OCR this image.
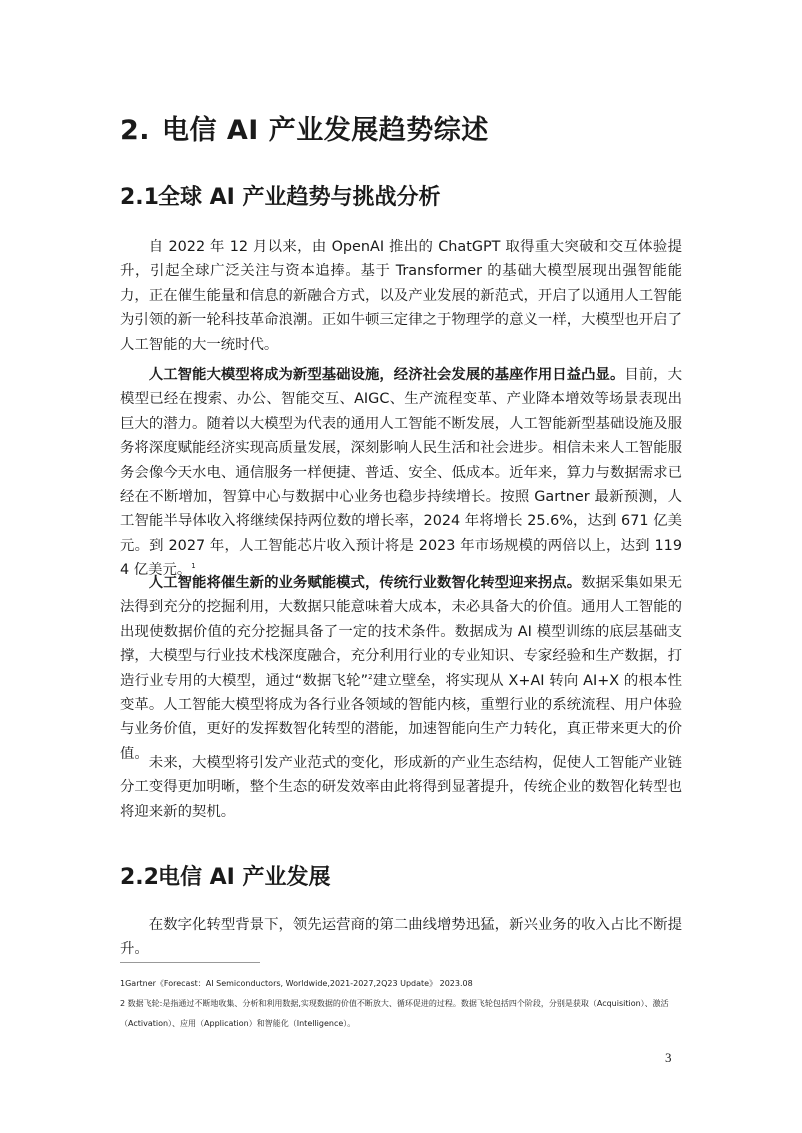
2. 电信 AI 产业发展趋势综述
2.1全球 AI 产业趋势与挑战分析

自 2022 年 12 月以来，由 OpenAI 推出的 ChatGPT 取得重大突破和交互体验提升，引起全球广泛关注与资本追捧。基于 Transformer 的基础大模型展现出强智能能力，正在催生能量和信息的新融合方式，以及产业发展的新范式，开启了以通用人工智能为引领的新一轮科技革命浪潮。正如牛顿三定律之于物理学的意义一样，大模型也开启了人工智能的大一统时代。

人工智能大模型将成为新型基础设施，经济社会发展的基座作用日益凸显。目前，大模型已经在搜索、办公、智能交互、AIGC、生产流程变革、产业降本增效等场景表现出巨大的潜力。随着以大模型为代表的通用人工智能不断发展，人工智能新型基础设施及服务将深度赋能经济实现高质量发展，深刻影响人民生活和社会进步。相信未来人工智能服务会像今天水电、通信服务一样便捷、普适、安全、低成本。近年来，算力与数据需求已经在不断增加，智算中心与数据中心业务也稳步持续增长。按照 Gartner 最新预测，人工智能半导体收入将继续保持两位数的增长率，2024 年将增长 25.6%，达到 671 亿美元。到 2027 年，人工智能芯片收入预计将是 2023 年市场规模的两倍以上，达到 1194 亿美元。$^1$

人工智能将催生新的业务赋能模式，传统行业数智化转型迎来拐点。数据采集如果无法得到充分的挖掘利用，大数据只能意味着大成本，未必具备大的价值。通用人工智能的出现使数据价值的充分挖掘具备了一定的技术条件。数据成为 AI 模型训练的底层基础支撑，大模型与行业技术栈深度融合，充分利用行业的专业知识、专家经验和生产数据，打造行业专用的大模型，通过“数据飞轮”$^2$建立壁垒，将实现从 X+AI 转向 AI+X 的根本性变革。人工智能大模型将成为各行业各领域的智能内核，重塑行业的系统流程、用户体验与业务价值，更好的发挥数智化转型的潜能，加速智能向生产力转化，真正带来更大的价值。

未来，大模型将引发产业范式的变化，形成新的产业生态结构，促使人工智能产业链分工变得更加明晰，整个生态的研发效率由此将得到显著提升，传统企业的数智化转型也将迎来新的契机。

2.2电信 AI 产业发展

在数字化转型背景下，领先运营商的第二曲线增势迅猛，新兴业务的收入占比不断提升。

1Gartner《Forecast：AI Semiconductors, Worldwide,2021-2027,2Q23 Update》 2023.08

2 数据飞轮:是指通过不断地收集、分析和利用数据,实现数据的价值不断放大、循环促进的过程。数据飞轮包括四个阶段，分别是获取（Acquisition）、激活（Activation）、应用（Application）和智能化（Intelligence）。

3
